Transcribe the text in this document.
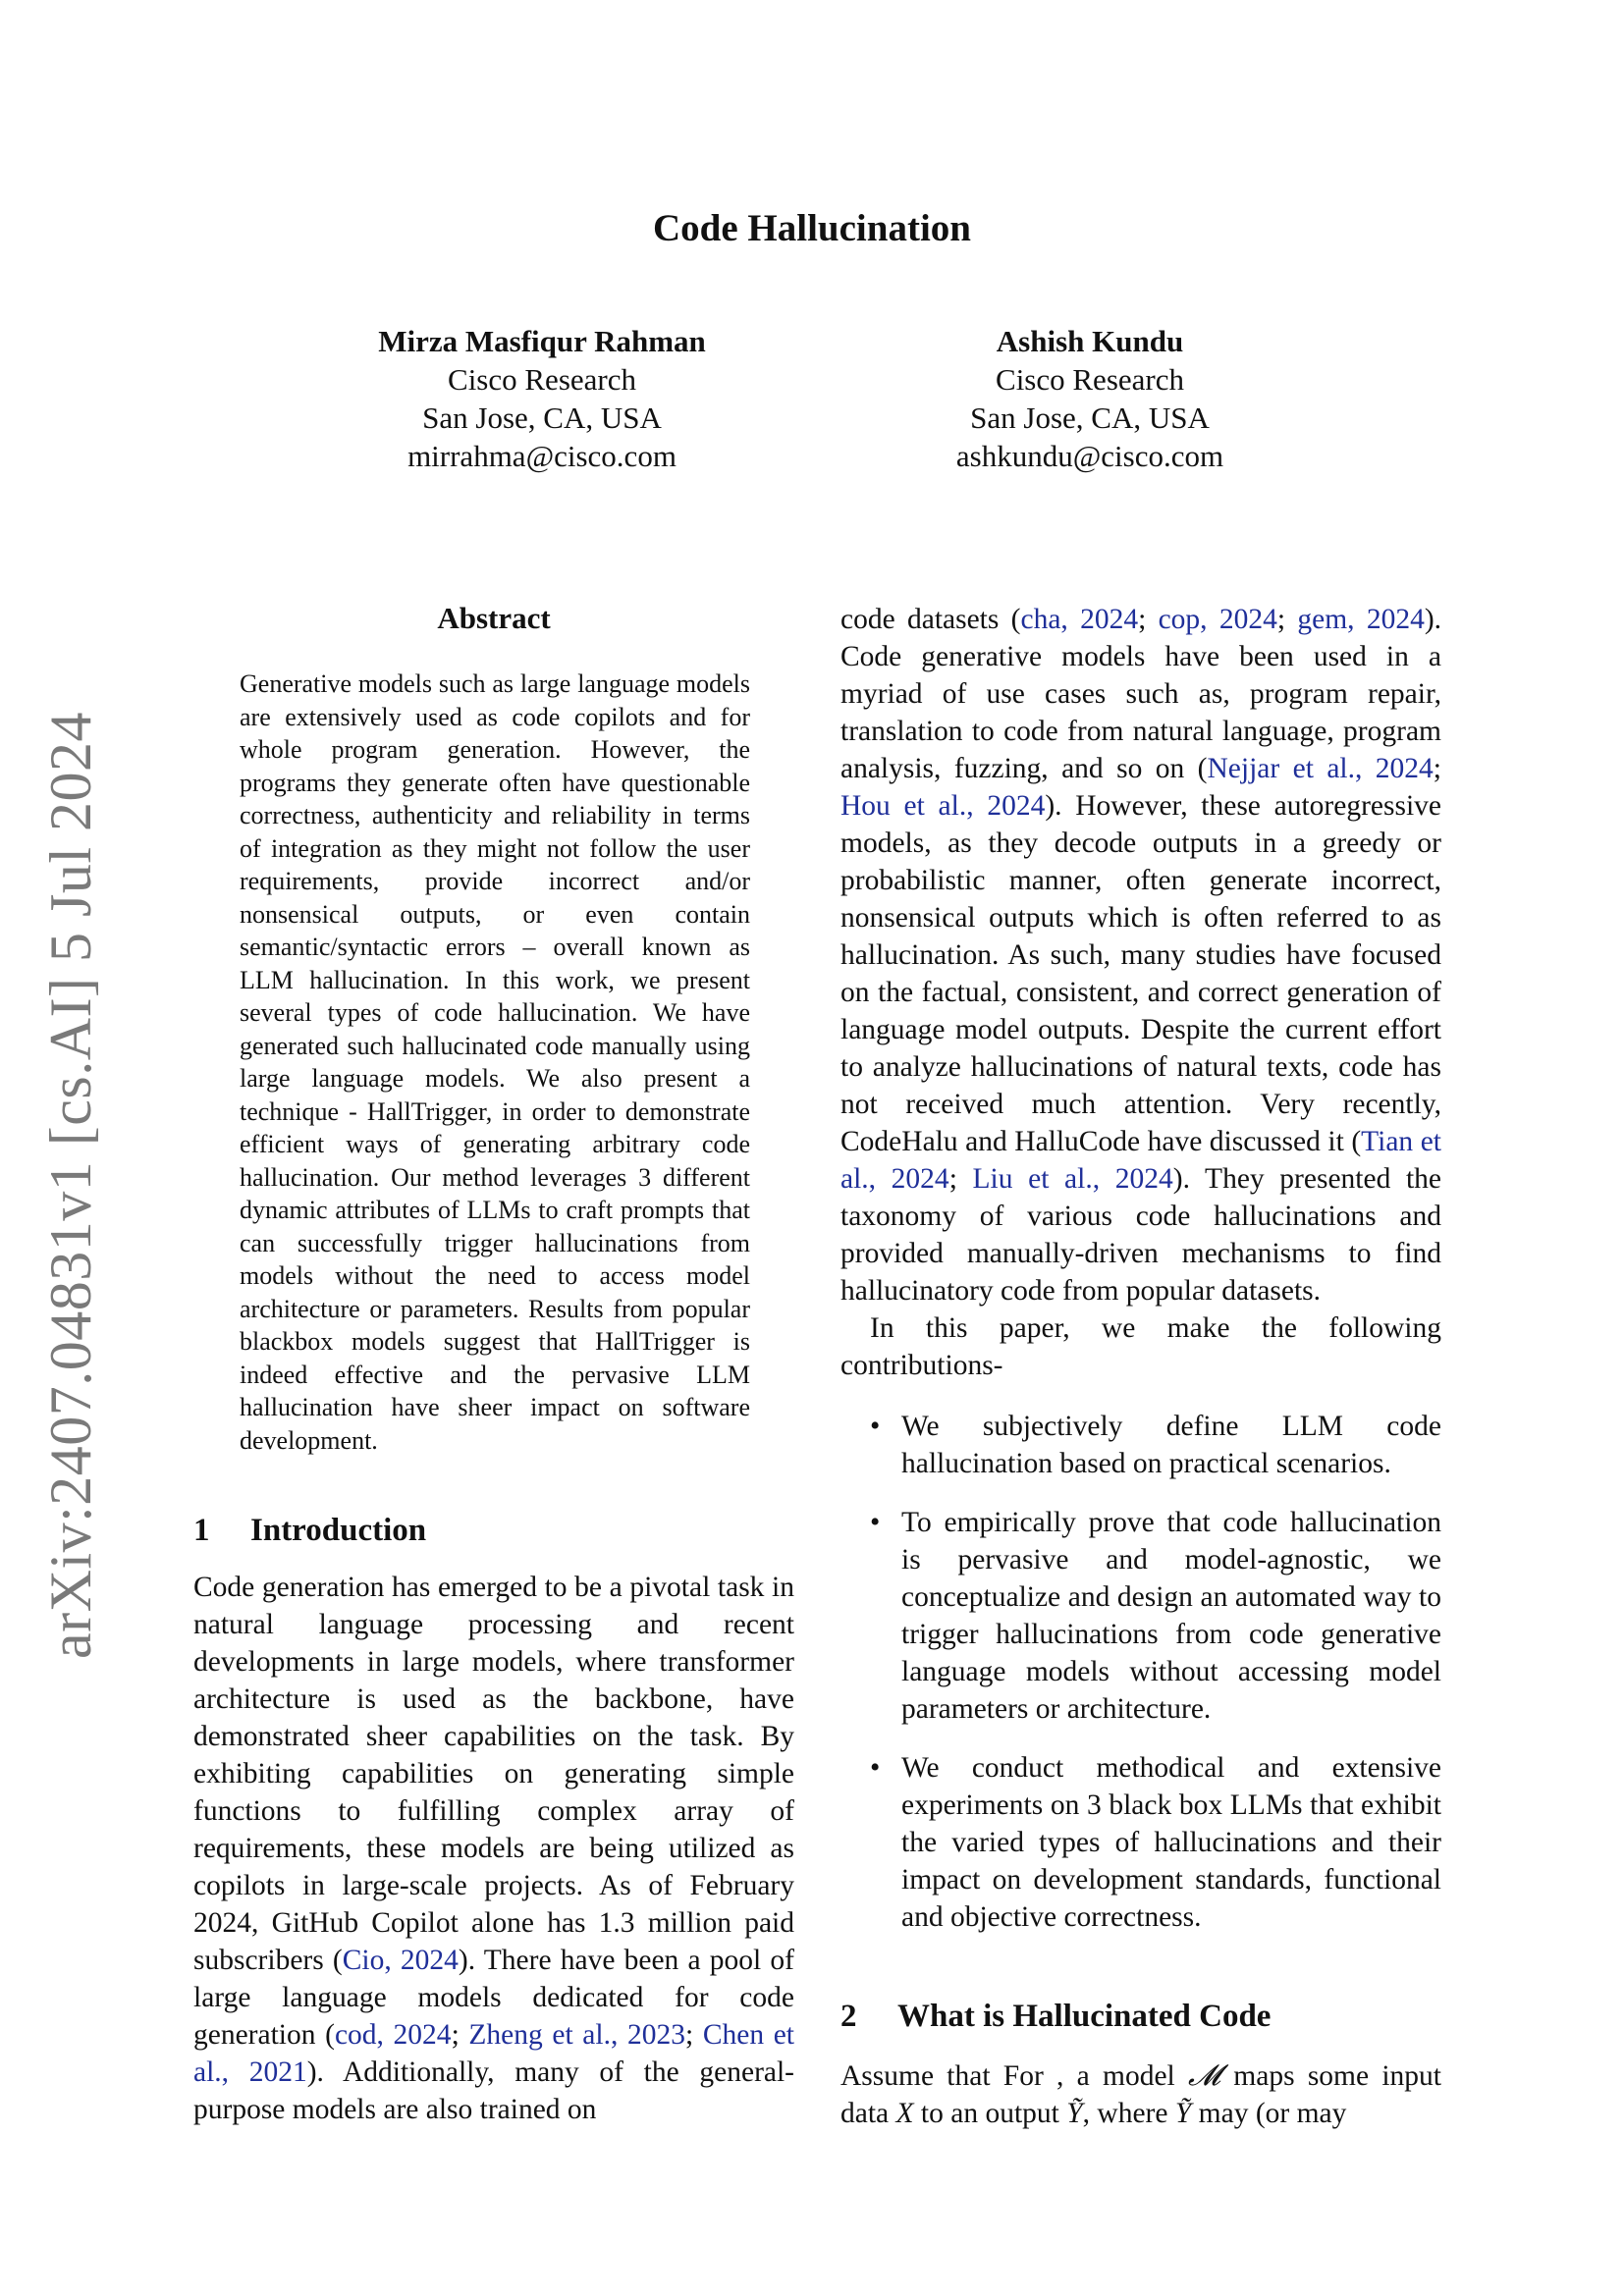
arXiv:2407.04831v1 [cs.AI] 5 Jul 2024
Code Hallucination
Mirza Masfiqur Rahman
Cisco Research
San Jose, CA, USA
mirrahma@cisco.com
Ashish Kundu
Cisco Research
San Jose, CA, USA
ashkundu@cisco.com
Abstract
Generative models such as large language models are extensively used as code copilots and for whole program generation. However, the programs they generate often have questionable correctness, authenticity and reliability in terms of integration as they might not follow the user requirements, provide incorrect and/or nonsensical outputs, or even contain semantic/syntactic errors – overall known as LLM hallucination. In this work, we present several types of code hallucination. We have generated such hallucinated code manually using large language models. We also present a technique - HallTrigger, in order to demonstrate efficient ways of generating arbitrary code hallucination. Our method leverages 3 different dynamic attributes of LLMs to craft prompts that can successfully trigger hallucinations from models without the need to access model architecture or parameters. Results from popular blackbox models suggest that HallTrigger is indeed effective and the pervasive LLM hallucination have sheer impact on software development.
1 Introduction
Code generation has emerged to be a pivotal task in natural language processing and recent developments in large models, where transformer architecture is used as the backbone, have demonstrated sheer capabilities on the task. By exhibiting capabilities on generating simple functions to fulfilling complex array of requirements, these models are being utilized as copilots in large-scale projects. As of February 2024, GitHub Copilot alone has 1.3 million paid subscribers (Cio, 2024). There have been a pool of large language models dedicated for code generation (cod, 2024; Zheng et al., 2023; Chen et al., 2021). Additionally, many of the general-purpose models are also trained on

code datasets (cha, 2024; cop, 2024; gem, 2024). Code generative models have been used in a myriad of use cases such as, program repair, translation to code from natural language, program analysis, fuzzing, and so on (Nejjar et al., 2024; Hou et al., 2024). However, these autoregressive models, as they decode outputs in a greedy or probabilistic manner, often generate incorrect, nonsensical outputs which is often referred to as hallucination. As such, many studies have focused on the factual, consistent, and correct generation of language model outputs. Despite the current effort to analyze hallucinations of natural texts, code has not received much attention. Very recently, CodeHalu and HalluCode have discussed it (Tian et al., 2024; Liu et al., 2024). They presented the taxonomy of various code hallucinations and provided manually-driven mechanisms to find hallucinatory code from popular datasets.

In this paper, we make the following contributions-

• We subjectively define LLM code hallucination based on practical scenarios.
• To empirically prove that code hallucination is pervasive and model-agnostic, we conceptualize and design an automated way to trigger hallucinations from code generative language models without accessing model parameters or architecture.
• We conduct methodical and extensive experiments on 3 black box LLMs that exhibit the varied types of hallucinations and their impact on development standards, functional and objective correctness.
2 What is Hallucinated Code
Assume that For , a model 𝓜 maps some input data X to an output Ỹ, where Ỹ may (or may
